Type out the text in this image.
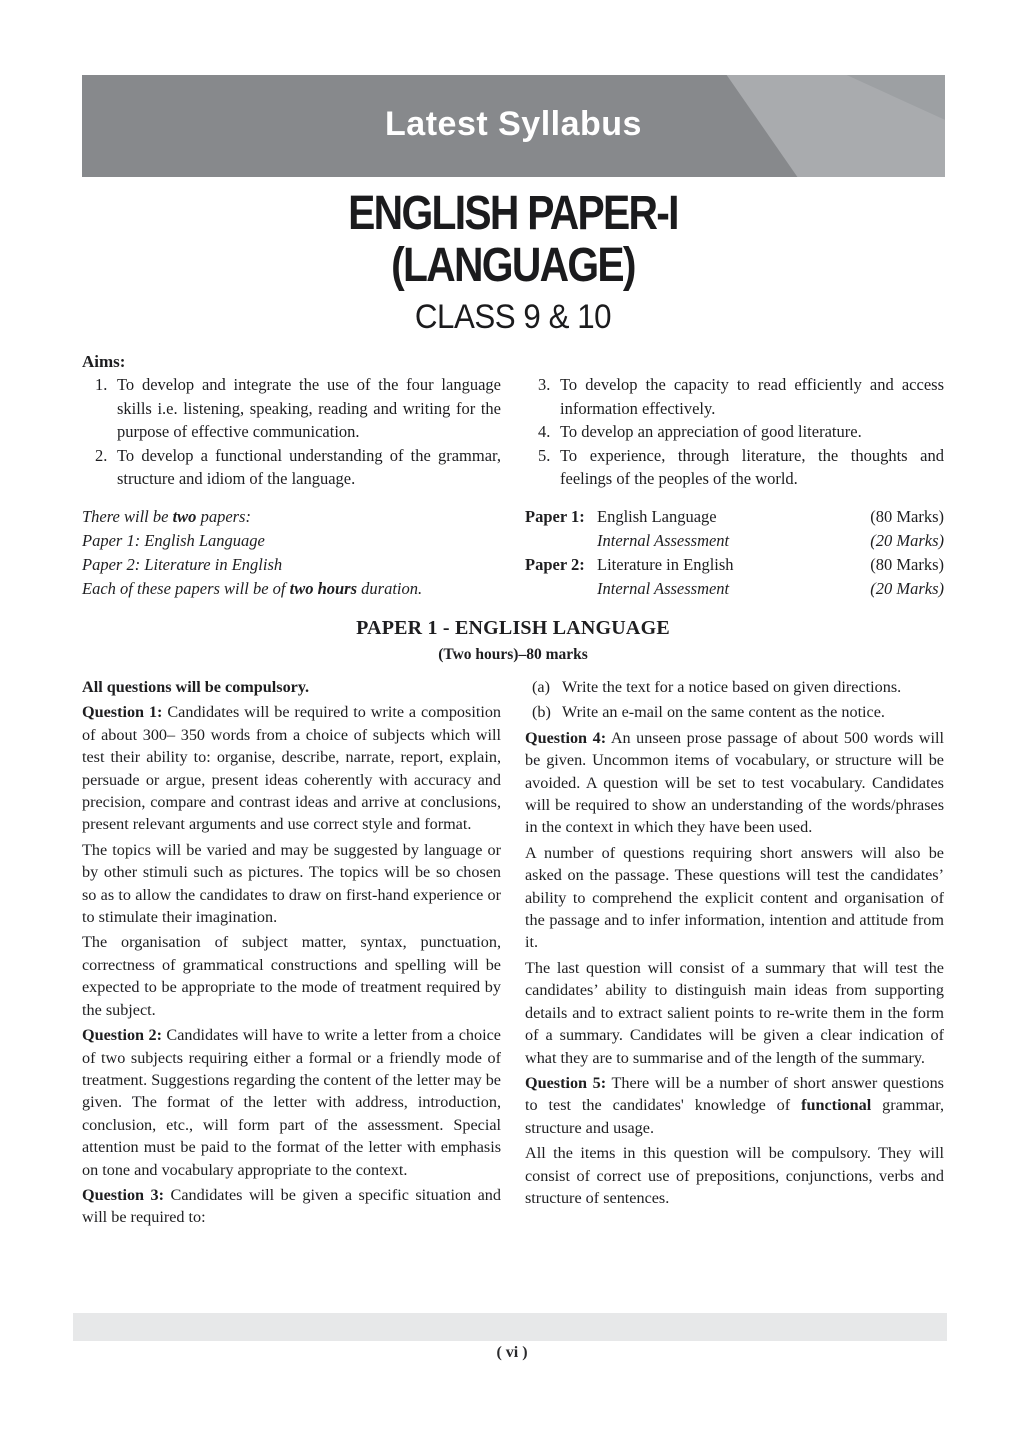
Latest Syllabus
ENGLISH PAPER-I
(LANGUAGE)
CLASS 9 & 10
Aims:
1. To develop and integrate the use of the four language skills i.e. listening, speaking, reading and writing for the purpose of effective communication.
2. To develop a functional understanding of the grammar, structure and idiom of the language.
3. To develop the capacity to read efficiently and access information effectively.
4. To develop an appreciation of good literature.
5. To experience, through literature, the thoughts and feelings of the peoples of the world.
There will be two papers:
Paper 1: English Language
Paper 2: Literature in English
Each of these papers will be of two hours duration.
Paper 1: English Language	(80 Marks)
Internal Assessment	(20 Marks)
Paper 2: Literature in English	(80 Marks)
Internal Assessment	(20 Marks)
PAPER 1 - ENGLISH LANGUAGE
(Two hours)–80 marks

All questions will be compulsory.

Question 1: Candidates will be required to write a composition of about 300– 350 words from a choice of subjects which will test their ability to: organise, describe, narrate, report, explain, persuade or argue, present ideas coherently with accuracy and precision, compare and contrast ideas and arrive at conclusions, present relevant arguments and use correct style and format.

The topics will be varied and may be suggested by language or by other stimuli such as pictures. The topics will be so chosen so as to allow the candidates to draw on first-hand experience or to stimulate their imagination.

The organisation of subject matter, syntax, punctuation, correctness of grammatical constructions and spelling will be expected to be appropriate to the mode of treatment required by the subject.

Question 2: Candidates will have to write a letter from a choice of two subjects requiring either a formal or a friendly mode of treatment. Suggestions regarding the content of the letter may be given. The format of the letter with address, introduction, conclusion, etc., will form part of the assessment. Special attention must be paid to the format of the letter with emphasis on tone and vocabulary appropriate to the context.

Question 3: Candidates will be given a specific situation and will be required to:

(a) Write the text for a notice based on given directions.
(b) Write an e-mail on the same content as the notice.

Question 4: An unseen prose passage of about 500 words will be given. Uncommon items of vocabulary, or structure will be avoided. A question will be set to test vocabulary. Candidates will be required to show an understanding of the words/phrases in the context in which they have been used.

A number of questions requiring short answers will also be asked on the passage. These questions will test the candidates’ ability to comprehend the explicit content and organisation of the passage and to infer information, intention and attitude from it.

The last question will consist of a summary that will test the candidates’ ability to distinguish main ideas from supporting details and to extract salient points to re-write them in the form of a summary. Candidates will be given a clear indication of what they are to summarise and of the length of the summary.

Question 5: There will be a number of short answer questions to test the candidates' knowledge of functional grammar, structure and usage.

All the items in this question will be compulsory. They will consist of correct use of prepositions, conjunctions, verbs and structure of sentences.

( vi )
